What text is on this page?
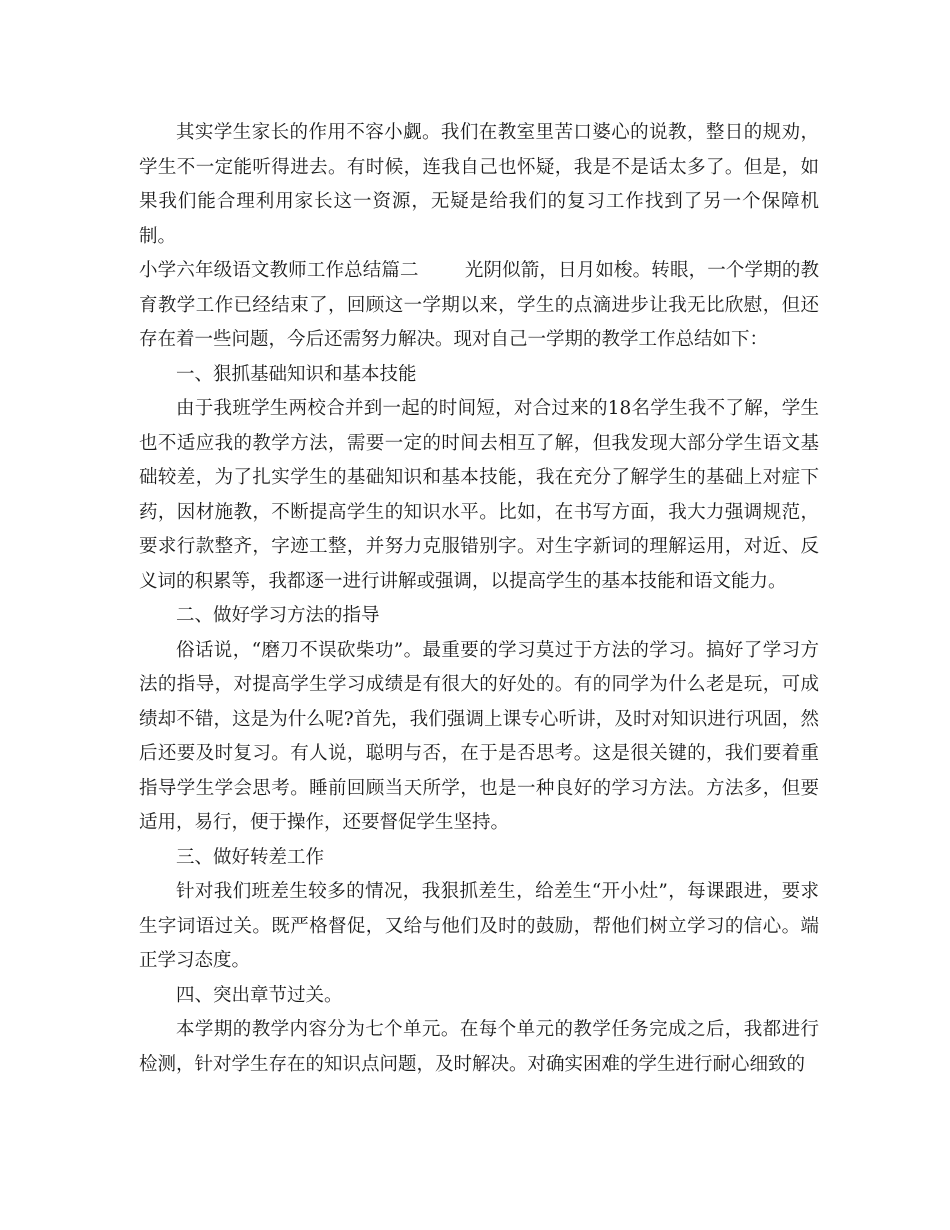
其实学生家长的作用不容小觑。我们在教室里苦口婆心的说教，整日的规劝，学生不一定能听得进去。有时候，连我自己也怀疑，我是不是话太多了。但是，如果我们能合理利用家长这一资源，无疑是给我们的复习工作找到了另一个保障机制。

小学六年级语文教师工作总结篇二 光阴似箭，日月如梭。转眼，一个学期的教育教学工作已经结束了，回顾这一学期以来，学生的点滴进步让我无比欣慰，但还存在着一些问题，今后还需努力解决。现对自己一学期的教学工作总结如下：

一、狠抓基础知识和基本技能

由于我班学生两校合并到一起的时间短，对合过来的18名学生我不了解，学生也不适应我的教学方法，需要一定的时间去相互了解，但我发现大部分学生语文基础较差，为了扎实学生的基础知识和基本技能，我在充分了解学生的基础上对症下药，因材施教，不断提高学生的知识水平。比如，在书写方面，我大力强调规范，要求行款整齐，字迹工整，并努力克服错别字。对生字新词的理解运用，对近、反义词的积累等，我都逐一进行讲解或强调，以提高学生的基本技能和语文能力。

二、做好学习方法的指导

俗话说，“磨刀不误砍柴功”。最重要的学习莫过于方法的学习。搞好了学习方法的指导，对提高学生学习成绩是有很大的好处的。有的同学为什么老是玩，可成绩却不错，这是为什么呢?首先，我们强调上课专心听讲，及时对知识进行巩固，然后还要及时复习。有人说，聪明与否，在于是否思考。这是很关键的，我们要着重指导学生学会思考。睡前回顾当天所学，也是一种良好的学习方法。方法多，但要适用，易行，便于操作，还要督促学生坚持。

三、做好转差工作

针对我们班差生较多的情况，我狠抓差生，给差生“开小灶”，每课跟进，要求生字词语过关。既严格督促，又给与他们及时的鼓励，帮他们树立学习的信心。端正学习态度。

四、突出章节过关。

本学期的教学内容分为七个单元。在每个单元的教学任务完成之后，我都进行检测，针对学生存在的知识点问题，及时解决。对确实困难的学生进行耐心细致的
